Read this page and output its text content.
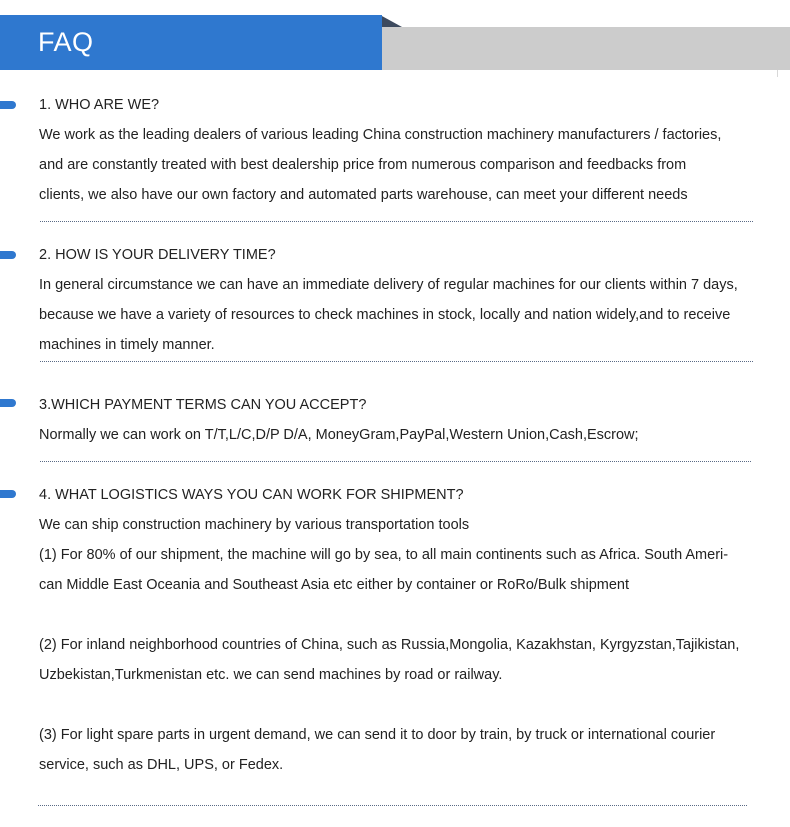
FAQ
1. WHO ARE WE?
We work as the leading dealers of various leading China construction machinery manufacturers / factories,
and are constantly treated with best dealership price from numerous comparison and feedbacks from
clients, we also have our own factory and automated parts warehouse, can meet your different needs
2. HOW IS YOUR DELIVERY TIME?
In general circumstance we can have an immediate delivery of regular machines for our clients within 7 days,
because we have a variety of resources to check machines in stock, locally and nation widely,and to receive
machines in timely manner.
3.WHICH PAYMENT TERMS CAN YOU ACCEPT?
Normally we can work on T/T,L/C,D/P D/A, MoneyGram,PayPal,Western Union,Cash,Escrow;
4. WHAT LOGISTICS WAYS YOU CAN WORK FOR SHIPMENT?
We can ship construction machinery by various transportation tools
(1) For 80% of our shipment, the machine will go by sea, to all main continents such as Africa. South Ameri-
can Middle East Oceania and Southeast Asia etc either by container or RoRo/Bulk shipment
(2) For inland neighborhood countries of China, such as Russia,Mongolia, Kazakhstan, Kyrgyzstan,Tajikistan,
Uzbekistan,Turkmenistan etc. we can send machines by road or railway.
(3) For light spare parts in urgent demand, we can send it to door by train, by truck or international courier
service, such as DHL, UPS, or Fedex.
